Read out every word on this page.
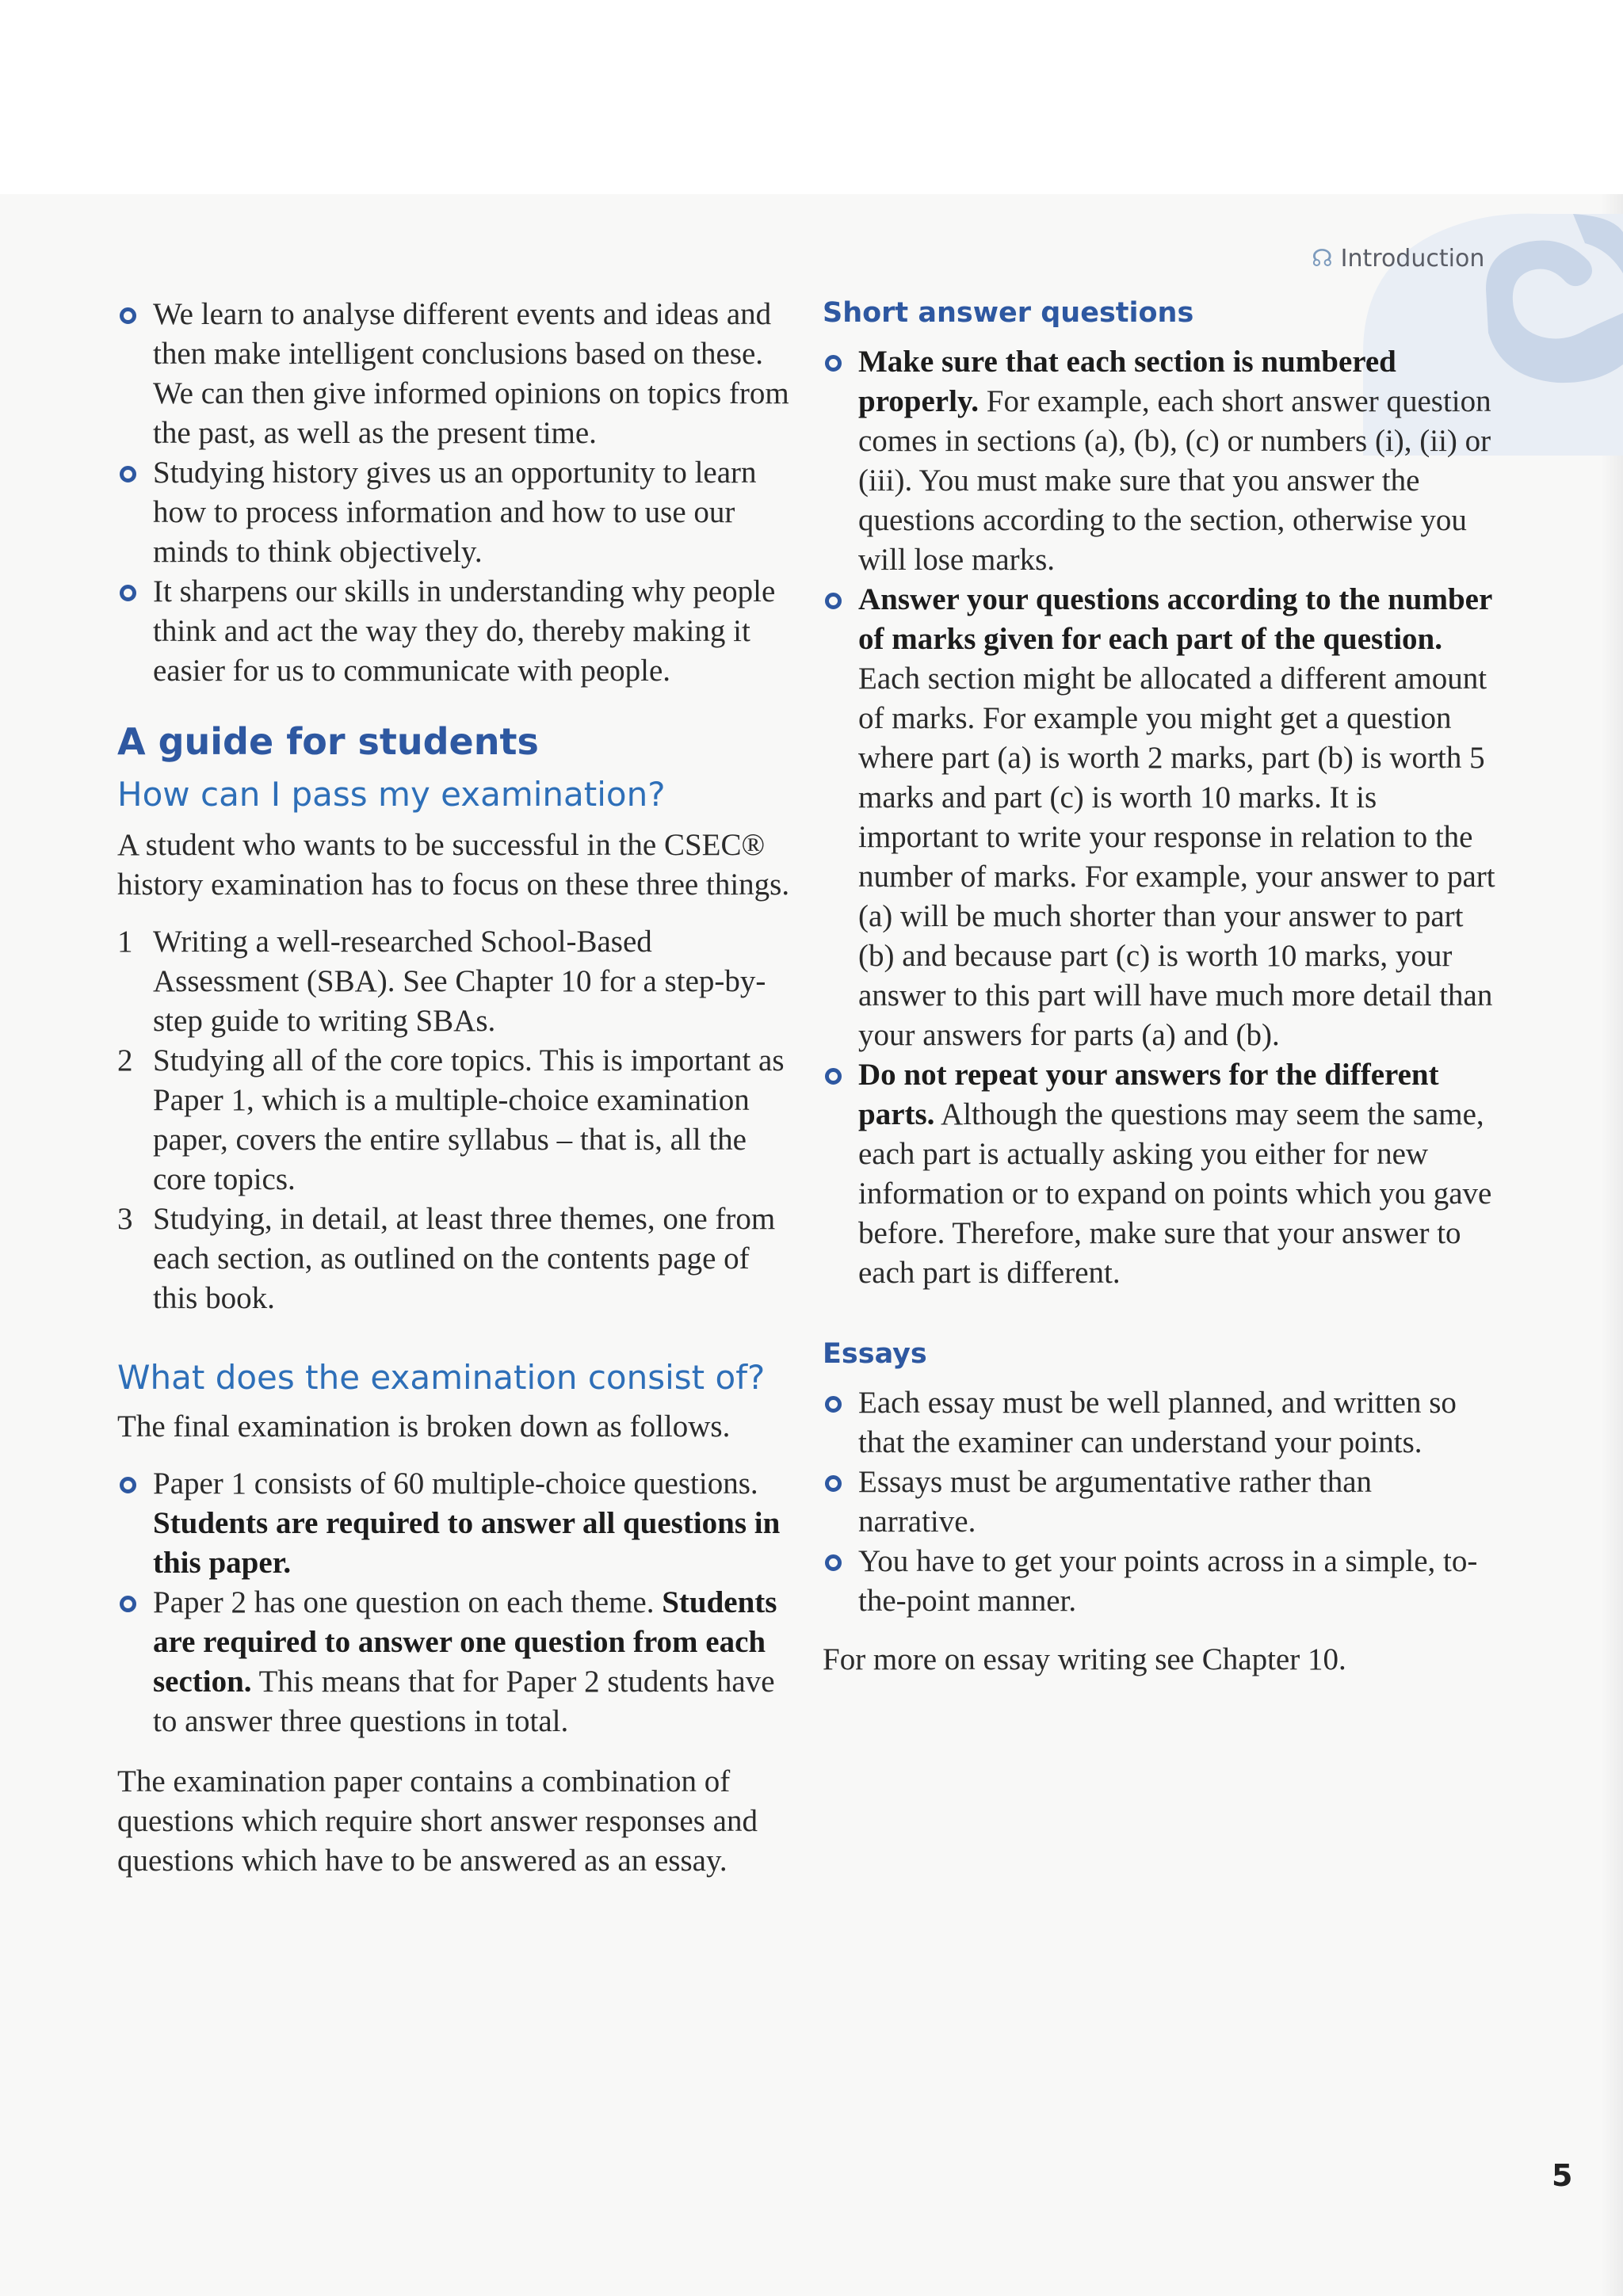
☊ Introduction
We learn to analyse different events and ideas and then make intelligent conclusions based on these. We can then give informed opinions on topics from the past, as well as the present time.
Studying history gives us an opportunity to learn how to process information and how to use our minds to think objectively.
It sharpens our skills in understanding why people think and act the way they do, thereby making it easier for us to communicate with people.
A guide for students
How can I pass my examination?

A student who wants to be successful in the CSEC® history examination has to focus on these three things.

1 Writing a well-researched School-Based Assessment (SBA). See Chapter 10 for a step-by-step guide to writing SBAs.
2 Studying all of the core topics. This is important as Paper 1, which is a multiple-choice examination paper, covers the entire syllabus – that is, all the core topics.
3 Studying, in detail, at least three themes, one from each section, as outlined on the contents page of this book.
What does the examination consist of?

The final examination is broken down as follows.

Paper 1 consists of 60 multiple-choice questions. Students are required to answer all questions in this paper.
Paper 2 has one question on each theme. Students are required to answer one question from each section. This means that for Paper 2 students have to answer three questions in total.

The examination paper contains a combination of questions which require short answer responses and questions which have to be answered as an essay.

Short answer questions
Make sure that each section is numbered properly. For example, each short answer question comes in sections (a), (b), (c) or numbers (i), (ii) or (iii). You must make sure that you answer the questions according to the section, otherwise you will lose marks.
Answer your questions according to the number of marks given for each part of the question. Each section might be allocated a different amount of marks. For example you might get a question where part (a) is worth 2 marks, part (b) is worth 5 marks and part (c) is worth 10 marks. It is important to write your response in relation to the number of marks. For example, your answer to part (a) will be much shorter than your answer to part (b) and because part (c) is worth 10 marks, your answer to this part will have much more detail than your answers for parts (a) and (b).
Do not repeat your answers for the different parts. Although the questions may seem the same, each part is actually asking you either for new information or to expand on points which you gave before. Therefore, make sure that your answer to each part is different.
Essays
Each essay must be well planned, and written so that the examiner can understand your points.
Essays must be argumentative rather than narrative.
You have to get your points across in a simple, to-the-point manner.

For more on essay writing see Chapter 10.

5
